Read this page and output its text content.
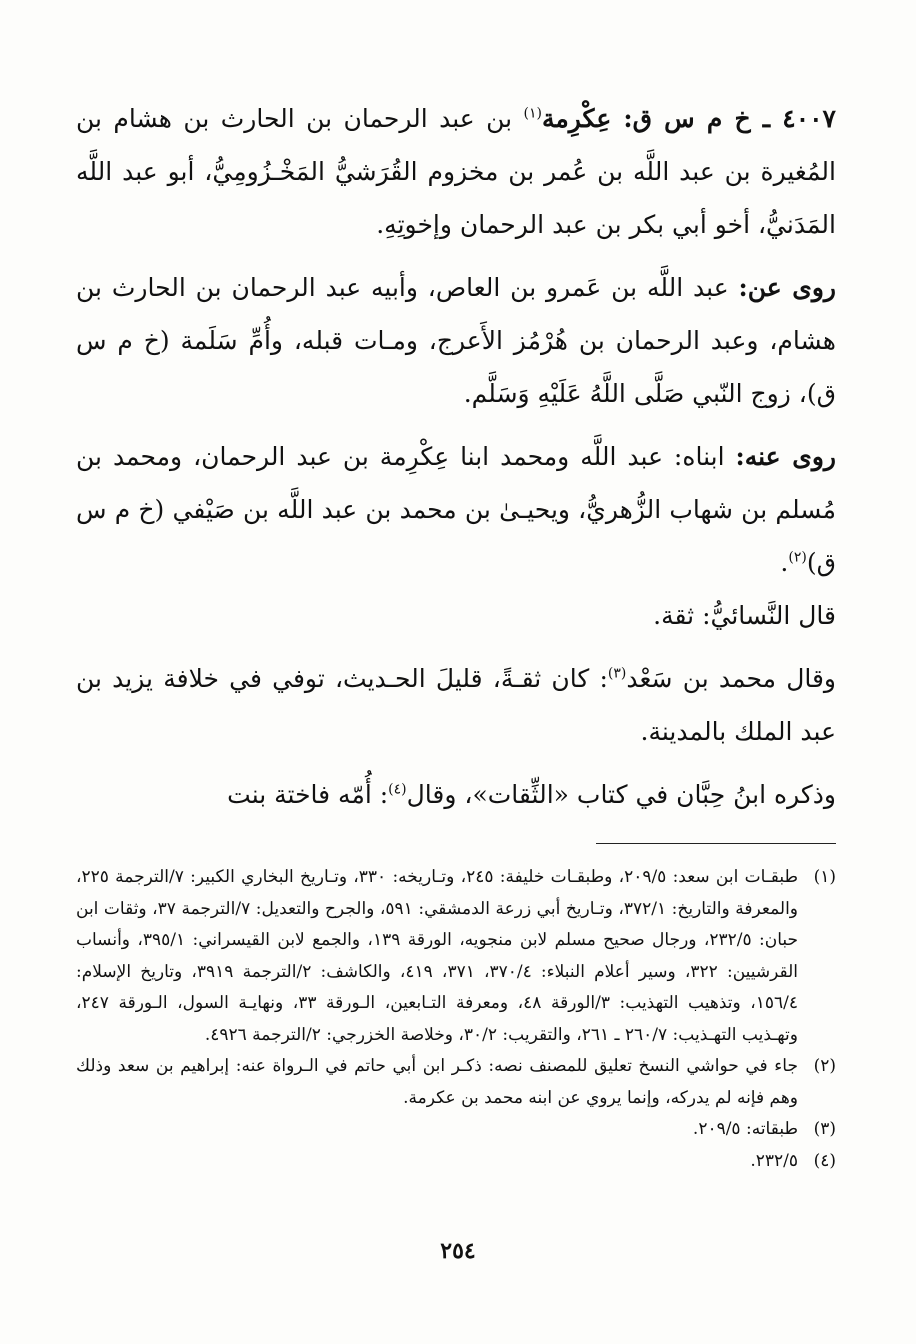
٤٠٠٧ ـ خ م س ق: عِكْرِمة$^{(١)}$ بن عبد الرحمان بن الحارث بن هشام بن المُغيرة بن عبد اللَّه بن عُمر بن مخزوم القُرَشيُّ المَخْـزُومِيُّ، أبو عبد اللَّه المَدَنيُّ، أخو أبي بكر بن عبد الرحمان وإخوتِهِ.

روى عن: عبد اللَّه بن عَمرو بن العاص، وأبيه عبد الرحمان بن الحارث بن هشام، وعبد الرحمان بن هُرْمُز الأَعرج، ومـات قبله، وأُمِّ سَلَمة (خ م س ق)، زوج النّبي صَلَّى اللَّهُ عَلَيْهِ وَسَلَّم.

روى عنه: ابناه: عبد اللَّه ومحمد ابنا عِكْرِمة بن عبد الرحمان، ومحمد بن مُسلم بن شهاب الزُّهريُّ، ويحيـىٰ بن محمد بن عبد اللَّه بن صَيْفي (خ م س ق)$^{(٢)}$.

قال النَّسائيُّ: ثقة.

وقال محمد بن سَعْد$^{(٣)}$: كان ثقـةً، قليلَ الحـديث، توفي في خلافة يزيد بن عبد الملك بالمدينة.

وذكره ابنُ حِبَّان في كتاب «الثِّقات»، وقال$^{(٤)}$: أُمّه فاختة بنت

(١)
طبقـات ابن سعد: ٢٠٩/٥، وطبقـات خليفة: ٢٤٥، وتـاريخه: ٣٣٠، وتـاريخ البخاري الكبير: ٧/الترجمة ٢٢٥، والمعرفة والتاريخ: ٣٧٢/١، وتـاريخ أبي زرعة الدمشقي: ٥٩١، والجرح والتعديل: ٧/الترجمة ٣٧، وثقات ابن حبان: ٢٣٢/٥، ورجال صحيح مسلم لابن منجويه، الورقة ١٣٩، والجمع لابن القيسراني: ٣٩٥/١، وأنساب القرشيين: ٣٢٢، وسير أعلام النبلاء: ٣٧٠/٤، ٣٧١، ٤١٩، والكاشف: ٢/الترجمة ٣٩١٩، وتاريخ الإسلام: ١٥٦/٤، وتذهيب التهذيب: ٣/الورقة ٤٨، ومعرفة التـابعين، الـورقة ٣٣، ونهايـة السول، الـورقة ٢٤٧، وتهـذيب التهـذيب: ٢٦٠/٧ ـ ٢٦١، والتقريب: ٣٠/٢، وخلاصة الخزرجي: ٢/الترجمة ٤٩٢٦.
(٢)
جاء في حواشي النسخ تعليق للمصنف نصه: ذكـر ابن أبي حاتم في الـرواة عنه: إبراهيم بن سعد وذلك وهم فإنه لم يدركه، وإنما يروي عن ابنه محمد بن عكرمة.
(٣)
طبقاته: ٢٠٩/٥.
(٤)
٢٣٢/٥.
٢٥٤
